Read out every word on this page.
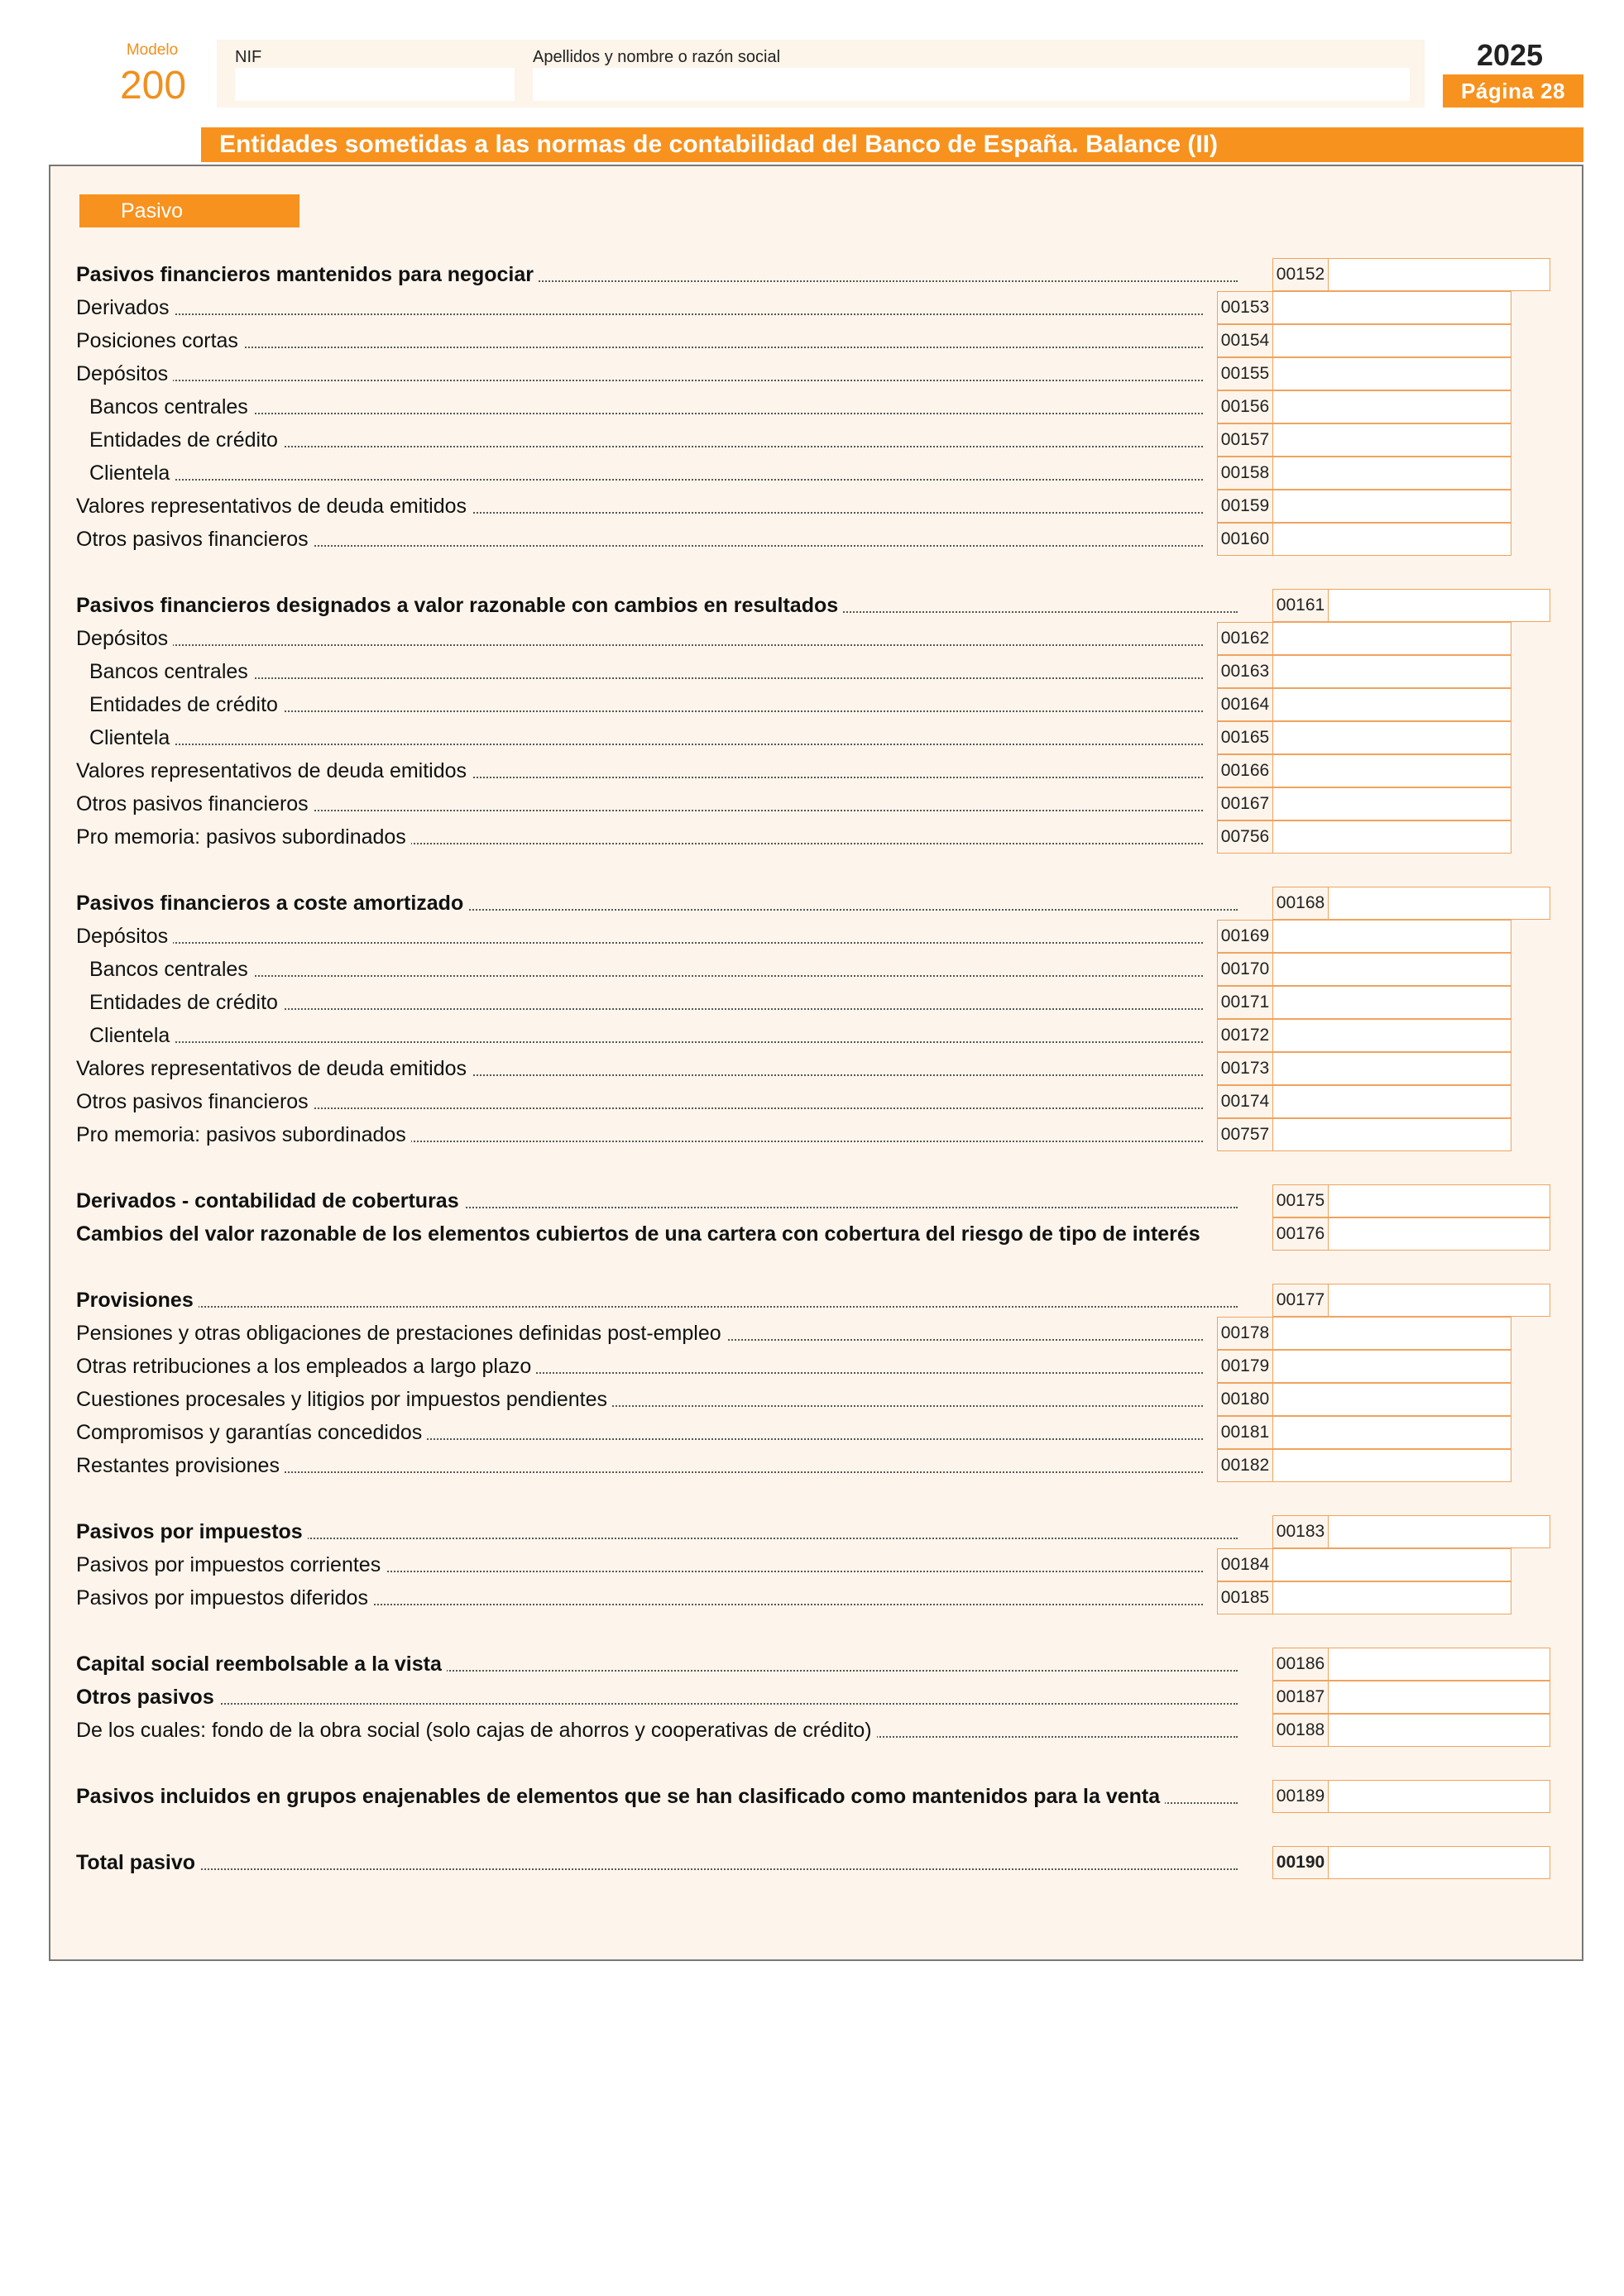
Modelo
200
NIF	Apellidos y nombre o razón social	2025
Página 28
Entidades sometidas a las normas de contabilidad del Banco de España. Balance (II)
Pasivo
Pasivos financieros mantenidos para negociar	00152
Derivados	00153
Posiciones cortas	00154
Depósitos	00155
Bancos centrales	00156
Entidades de crédito	00157
Clientela	00158
Valores representativos de deuda emitidos	00159
Otros pasivos financieros	00160
Pasivos financieros designados a valor razonable con cambios en resultados	00161
Depósitos	00162
Bancos centrales	00163
Entidades de crédito	00164
Clientela	00165
Valores representativos de deuda emitidos	00166
Otros pasivos financieros	00167
Pro memoria: pasivos subordinados	00756
Pasivos financieros a coste amortizado	00168
Depósitos	00169
Bancos centrales	00170
Entidades de crédito	00171
Clientela	00172
Valores representativos de deuda emitidos	00173
Otros pasivos financieros	00174
Pro memoria: pasivos subordinados	00757
Derivados - contabilidad de coberturas	00175
Cambios del valor razonable de los elementos cubiertos de una cartera con cobertura del riesgo de tipo de interés	00176
Provisiones	00177
Pensiones y otras obligaciones de prestaciones definidas post-empleo	00178
Otras retribuciones a los empleados a largo plazo	00179
Cuestiones procesales y litigios por impuestos pendientes	00180
Compromisos y garantías concedidos	00181
Restantes provisiones	00182
Pasivos por impuestos	00183
Pasivos por impuestos corrientes	00184
Pasivos por impuestos diferidos	00185
Capital social reembolsable a la vista	00186
Otros pasivos	00187
De los cuales: fondo de la obra social (solo cajas de ahorros y cooperativas de crédito)	00188
Pasivos incluidos en grupos enajenables de elementos que se han clasificado como mantenidos para la venta	00189
Total pasivo	00190
